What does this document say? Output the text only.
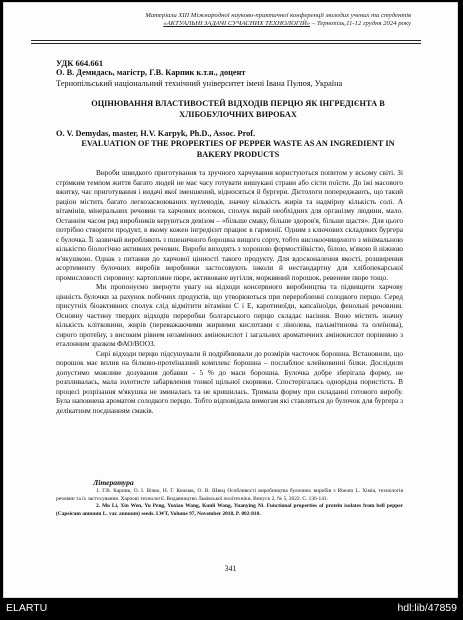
Матеріали XIII Міжнародної науково-практичної конференції молодих учених та студентів
«АКТУАЛЬНІ ЗАДАЧІ СУЧАСНИХ ТЕХНОЛОГІЙ» – Тернопіль,11-12 грудня 2024 року
УДК 664.661
О. В. Демидась, магістр, Г.В. Карпик к.т.н., доцент
Тернопільський національний технічний університет імені Івана Пулюя, Україна
ОЦІНЮВАННЯ ВЛАСТИВОСТЕЙ ВІДХОДІВ ПЕРЦЮ ЯК ІНГРЕДІЄНТА В ХЛІБОБУЛОЧНИХ ВИРОБАХ
O. V. Demydas, master, H.V. Karpyk, Ph.D., Assoc. Prof.
EVALUATION OF THE PROPERTIES OF PEPPER WASTE AS AN INGREDIENT IN BAKERY PRODUCTS

Вироби швидкого приготування та зручного харчування користуються попитом у всьому світі. Зі стрімким темпом життя багато людей не має часу готувати вишукані страви або сісти поїсти. До їжі масового вжитку, час приготування і видачі якої зменшений, відносяться й бургери. Дієтологи попереджають, що такий раціон містить багато легкозасвоюваних вуглеводів, значну кількість жирів та надмірну кількість солі. А вітамінів, мінеральних речовин та харчових волокон, сполук вкрай необхідних для організму людини, мало. Останнім часом ряд виробників керуються девізом – «більше смаку, більше здоров'я, більше щастя». Для цього потрібно створити продукт, в якому кожен інгредієнт працює в гармонії. Одним з ключових складових бургера є булочка. Її зазвичай виробляють з пшеничного борошна вищого сорту, тобто високоочищеного з мінімальною кількістю біологічно активних речовин. Вироби виходять з хорошою формостійкістю, білою, м'якою й ніжною м'якушкою. Однак з питання до харчової цінності такого продукту. Для вдосконалення якості, розширення асортименту булочних виробів виробники застосовують інколи й нестандартну для хлібопекарської промисловості сировину: картопляне пюре, активоване вугілля, морквяний порошок, ревеневе пюре тощо.

Ми пропонуємо звернути увагу на відходи консервного виробництва та підвищити харчову цінність булочки за рахунок побічних продуктів, що утворюються при переробленні солодкого перцю. Серед присутніх біоактивних сполук слід відмітити вітаміни С і Е, каротиноїди, капсаїноїди, фенольні речовини. Основну частину твердих відходів переробки болгарського перцю складає насіння. Воно містить значну кількість клітковини, жирів (переважаючими жирними кислотами є лінолева, пальмітинова та олеїнова), сирого протеїну, з високим рівнем незамінних амінокислот і загальних ароматичних амінокислот порівняно з еталонним зразком ФАО/ВООЗ.

Сирі відходи перцю підсушували й подрібнювали до розмірів часточок борошна. Встановили, що порошок має вплив на білково-протеїназний комплекс борошна – послаблює клейковинні білки. Дослідили допустимо можливе дозування добавки - 5 % до маси борошна. Булочка добре зберігала форму, не розпливалась, мала золотисте забарвлення тонкої щільної скоринки. Спостерігалась однорідна пористість. В процесі розрізання м'якушка не зминалась та не кришилась. Тримала форму при складанні готового виробу. Була наповнена ароматом солодкого перцю. Тобто відповідала вимогам які ставляться до булочок для бургера з делікатним поєднанням смаків.

Література

1. Г.В. Карпик, О. І. Вічко, Н. Г. Коючак, О. В. Швєц Особливості виробництва булочних виробів з Rheum L. Хімія, технологія речовин та їх застосування. Харчові технології. Видавництво Львівської політехніки, Випуск 2, № 5, 2022. С. 136-141.

2. Mo Li, Xin Wen, Yu Peng, Yuxiao Wang, Kunli Wang, Yuanying Ni. Functional properties of protein isolates from bell pepper (Capsicum annuum L. var. annuum) seeds. LWT, Volume 97, November 2018, P. 802-810.

341
ELARTU	hdl:lib/47859
